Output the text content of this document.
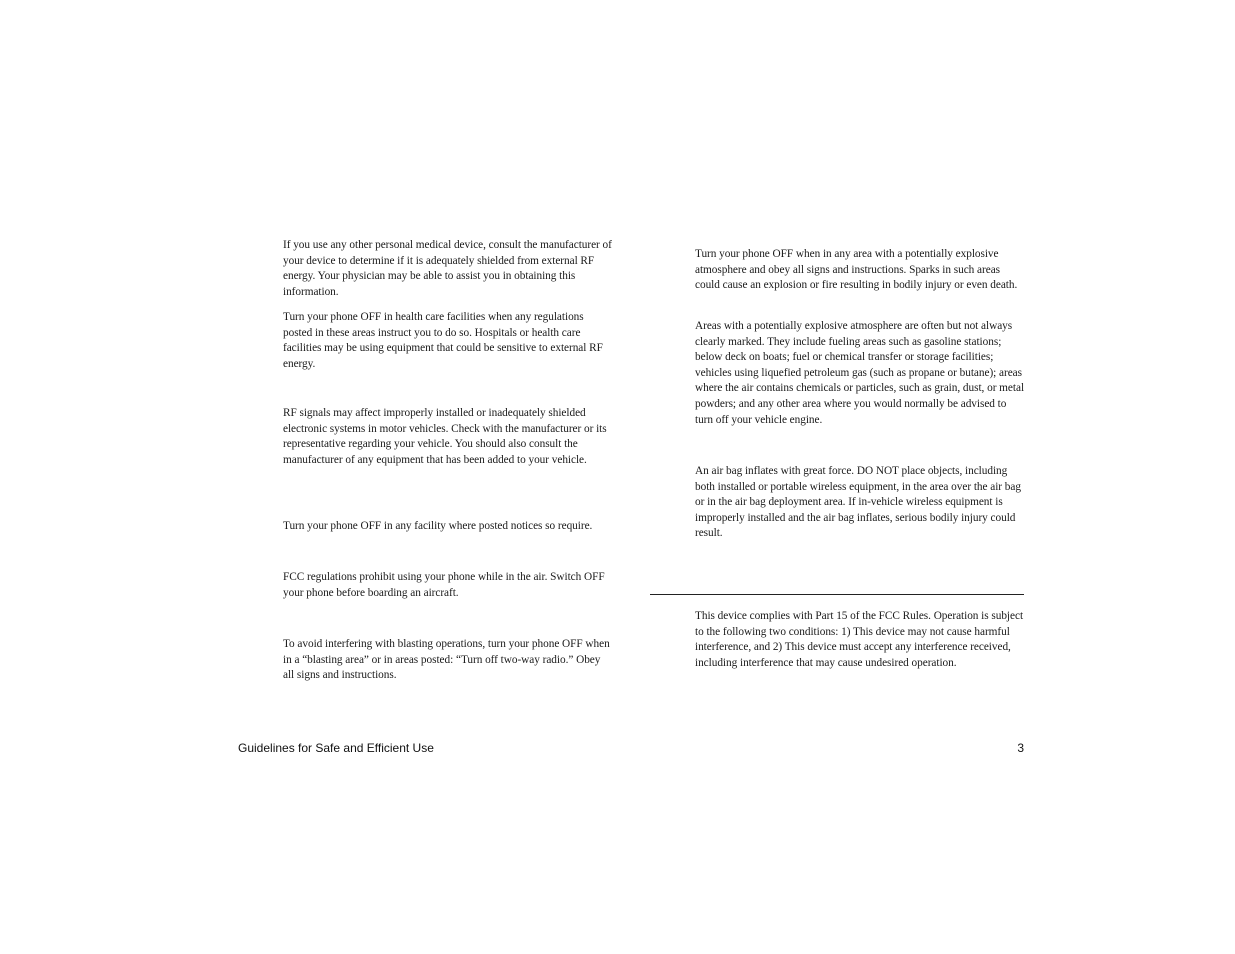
If you use any other personal medical device, consult the manufacturer of your device to determine if it is adequately shielded from external RF energy. Your physician may be able to assist you in obtaining this information.

Turn your phone OFF in health care facilities when any regulations posted in these areas instruct you to do so. Hospitals or health care facilities may be using equipment that could be sensitive to external RF energy.

RF signals may affect improperly installed or inadequately shielded electronic systems in motor vehicles. Check with the manufacturer or its representative regarding your vehicle. You should also consult the manufacturer of any equipment that has been added to your vehicle.

Turn your phone OFF in any facility where posted notices so require.

FCC regulations prohibit using your phone while in the air. Switch OFF your phone before boarding an aircraft.

To avoid interfering with blasting operations, turn your phone OFF when in a “blasting area” or in areas posted: “Turn off two-way radio.” Obey all signs and instructions.

Turn your phone OFF when in any area with a potentially explosive atmosphere and obey all signs and instructions. Sparks in such areas could cause an explosion or fire resulting in bodily injury or even death.

Areas with a potentially explosive atmosphere are often but not always clearly marked. They include fueling areas such as gasoline stations; below deck on boats; fuel or chemical transfer or storage facilities; vehicles using liquefied petroleum gas (such as propane or butane); areas where the air contains chemicals or particles, such as grain, dust, or metal powders; and any other area where you would normally be advised to turn off your vehicle engine.

An air bag inflates with great force. DO NOT place objects, including both installed or portable wireless equipment, in the area over the air bag or in the air bag deployment area. If in-vehicle wireless equipment is improperly installed and the air bag inflates, serious bodily injury could result.

This device complies with Part 15 of the FCC Rules. Operation is subject to the following two conditions: 1) This device may not cause harmful interference, and 2) This device must accept any interference received, including interference that may cause undesired operation.

Guidelines for Safe and Efficient Use	3
